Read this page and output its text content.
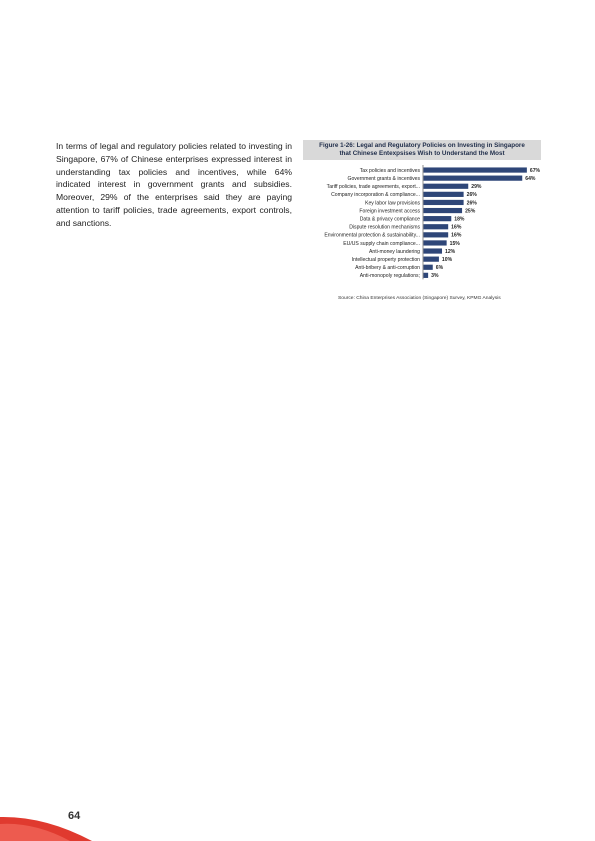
In terms of legal and regulatory policies related to investing in Singapore, 67% of Chinese enterprises expressed interest in understanding tax policies and incentives, while 64% indicated interest in government grants and subsidies. Moreover, 29% of the enterprises said they are paying attention to tariff policies, trade agreements, export controls, and sanctions.

Figure 1-26: Legal and Regulatory Policies on Investing in Singapore
that Chinese Entexpsises Wish to Understand the Most
Tax policies and incentives	67%
Government grants & incentives	64%
Tariff policies, trade agreements, export...	29%
Company incorporation & compliance...	26%
Key labor law provisions	26%
Foreign investment access	25%
Data & privacy compliance	18%
Dispute resolution mechanisms	16%
Environmental protection & sustainability...	16%
EU/US supply chain compliance...	15%
Anti-money laundering	12%
Intellectual property protection	10%
Anti-bribery & anti-corruption	6%
Anti-monopoly regulations; 3%
Source: China Enterprises Association (Singapore) Survey, KPMG Analysis
64
